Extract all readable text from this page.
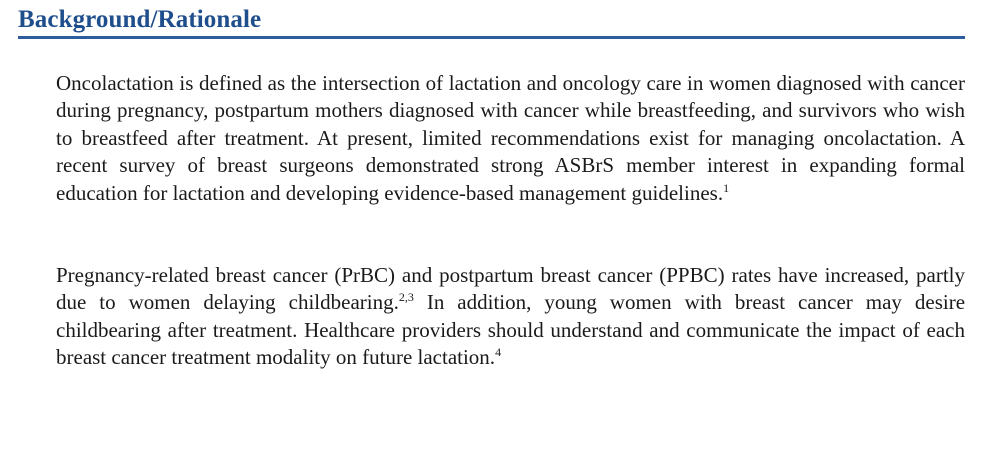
Background/Rationale

Oncolactation is defined as the intersection of lactation and oncology care in women diagnosed with cancer during pregnancy, postpartum mothers diagnosed with cancer while breastfeeding, and survivors who wish to breastfeed after treatment. At present, limited recommendations exist for managing oncolactation. A recent survey of breast surgeons demonstrated strong ASBrS member interest in expanding formal education for lactation and developing evidence-based management guidelines.$^1$

Pregnancy-related breast cancer (PrBC) and postpartum breast cancer (PPBC) rates have increased, partly due to women delaying childbearing.$^{2,3}$ In addition, young women with breast cancer may desire childbearing after treatment. Healthcare providers should understand and communicate the impact of each breast cancer treatment modality on future lactation.$^4$
